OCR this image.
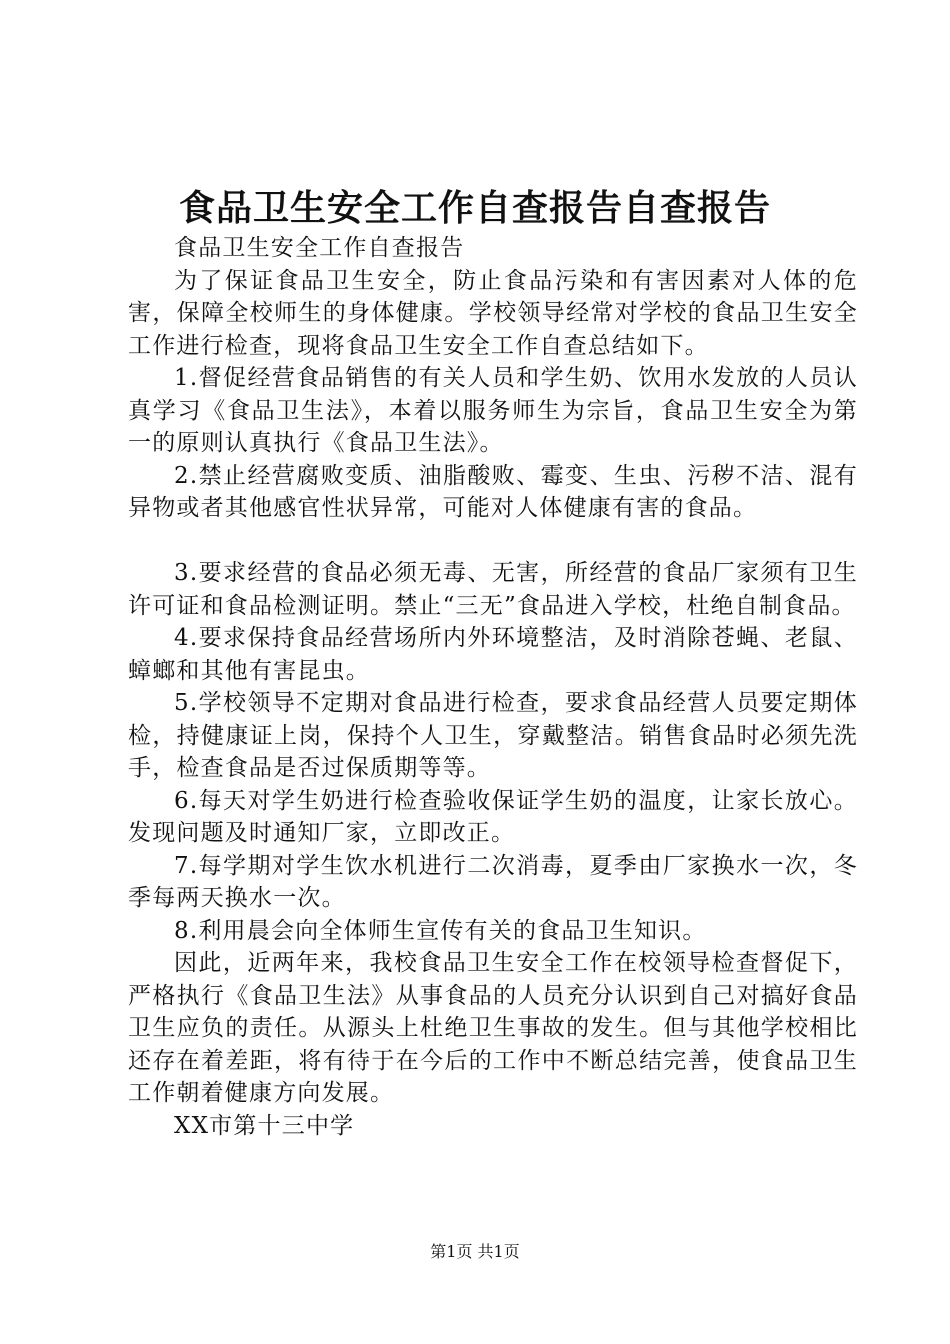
食品卫生安全工作自查报告自查报告

食品卫生安全工作自查报告

为了保证食品卫生安全，防止食品污染和有害因素对人体的危害，保障全校师生的身体健康。学校领导经常对学校的食品卫生安全工作进行检查，现将食品卫生安全工作自查总结如下。

1.督促经营食品销售的有关人员和学生奶、饮用水发放的人员认真学习《食品卫生法》，本着以服务师生为宗旨，食品卫生安全为第一的原则认真执行《食品卫生法》。

2.禁止经营腐败变质、油脂酸败、霉变、生虫、污秽不洁、混有异物或者其他感官性状异常，可能对人体健康有害的食品。

3.要求经营的食品必须无毒、无害，所经营的食品厂家须有卫生许可证和食品检测证明。禁止“三无”食品进入学校，杜绝自制食品。

4.要求保持食品经营场所内外环境整洁，及时消除苍蝇、老鼠、蟑螂和其他有害昆虫。

5.学校领导不定期对食品进行检查，要求食品经营人员要定期体检，持健康证上岗，保持个人卫生，穿戴整洁。销售食品时必须先洗手，检查食品是否过保质期等等。

6.每天对学生奶进行检查验收保证学生奶的温度，让家长放心。发现问题及时通知厂家，立即改正。

7.每学期对学生饮水机进行二次消毒，夏季由厂家换水一次，冬季每两天换水一次。

8.利用晨会向全体师生宣传有关的食品卫生知识。

因此，近两年来，我校食品卫生安全工作在校领导检查督促下，严格执行《食品卫生法》从事食品的人员充分认识到自己对搞好食品卫生应负的责任。从源头上杜绝卫生事故的发生。但与其他学校相比还存在着差距，将有待于在今后的工作中不断总结完善，使食品卫生工作朝着健康方向发展。

XX市第十三中学

第1页 共1页
